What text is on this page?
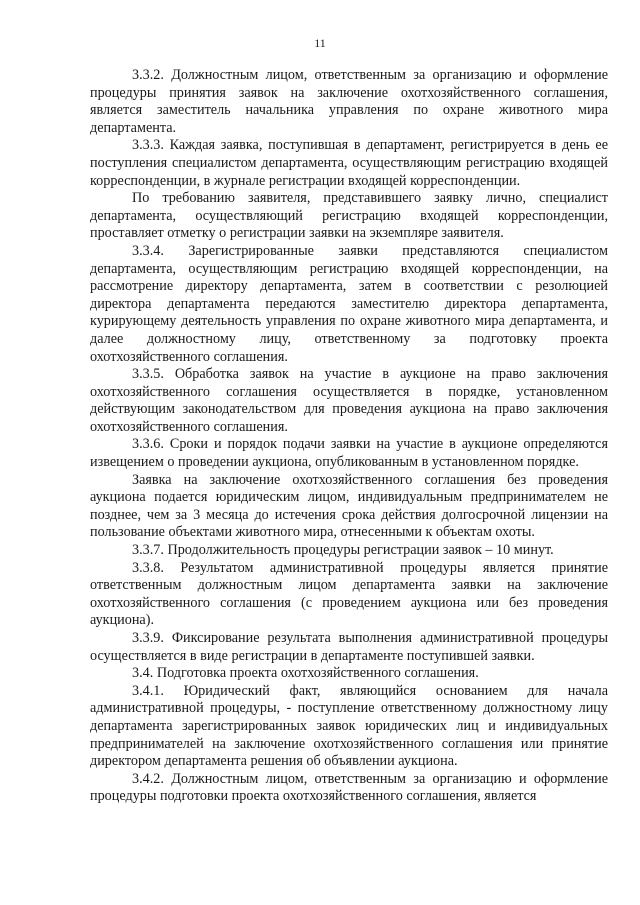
11

3.3.2. Должностным лицом, ответственным за организацию и оформление процедуры принятия заявок на заключение охотхозяйственного соглашения, является заместитель начальника управления по охране животного мира департамента.

3.3.3. Каждая заявка, поступившая в департамент, регистрируется в день ее поступления специалистом департамента, осуществляющим регистрацию входящей корреспонденции, в журнале регистрации входящей корреспонденции.

По требованию заявителя, представившего заявку лично, специалист департамента, осуществляющий регистрацию входящей корреспонденции, проставляет отметку о регистрации заявки на экземпляре заявителя.

3.3.4. Зарегистрированные заявки представляются специалистом департамента, осуществляющим регистрацию входящей корреспонденции, на рассмотрение директору департамента, затем в соответствии с резолюцией директора департамента передаются заместителю директора департамента, курирующему деятельность управления по охране животного мира департамента, и далее должностному лицу, ответственному за подготовку проекта охотхозяйственного соглашения.

3.3.5. Обработка заявок на участие в аукционе на право заключения охотхозяйственного соглашения осуществляется в порядке, установленном действующим законодательством для проведения аукциона на право заключения охотхозяйственного соглашения.

3.3.6. Сроки и порядок подачи заявки на участие в аукционе определяются извещением о проведении аукциона, опубликованным в установленном порядке.

Заявка на заключение охотхозяйственного соглашения без проведения аукциона подается юридическим лицом, индивидуальным предпринимателем не позднее, чем за 3 месяца до истечения срока действия долгосрочной лицензии на пользование объектами животного мира, отнесенными к объектам охоты.

3.3.7. Продолжительность процедуры регистрации заявок – 10 минут.

3.3.8. Результатом административной процедуры является принятие ответственным должностным лицом департамента заявки на заключение охотхозяйственного соглашения (с проведением аукциона или без проведения аукциона).

3.3.9. Фиксирование результата выполнения административной процедуры осуществляется в виде регистрации в департаменте поступившей заявки.

3.4. Подготовка проекта охотхозяйственного соглашения.

3.4.1. Юридический факт, являющийся основанием для начала административной процедуры, - поступление ответственному должностному лицу департамента зарегистрированных заявок юридических лиц и индивидуальных предпринимателей на заключение охотхозяйственного соглашения или принятие директором департамента решения об объявлении аукциона.

3.4.2. Должностным лицом, ответственным за организацию и оформление процедуры подготовки проекта охотхозяйственного соглашения, является
